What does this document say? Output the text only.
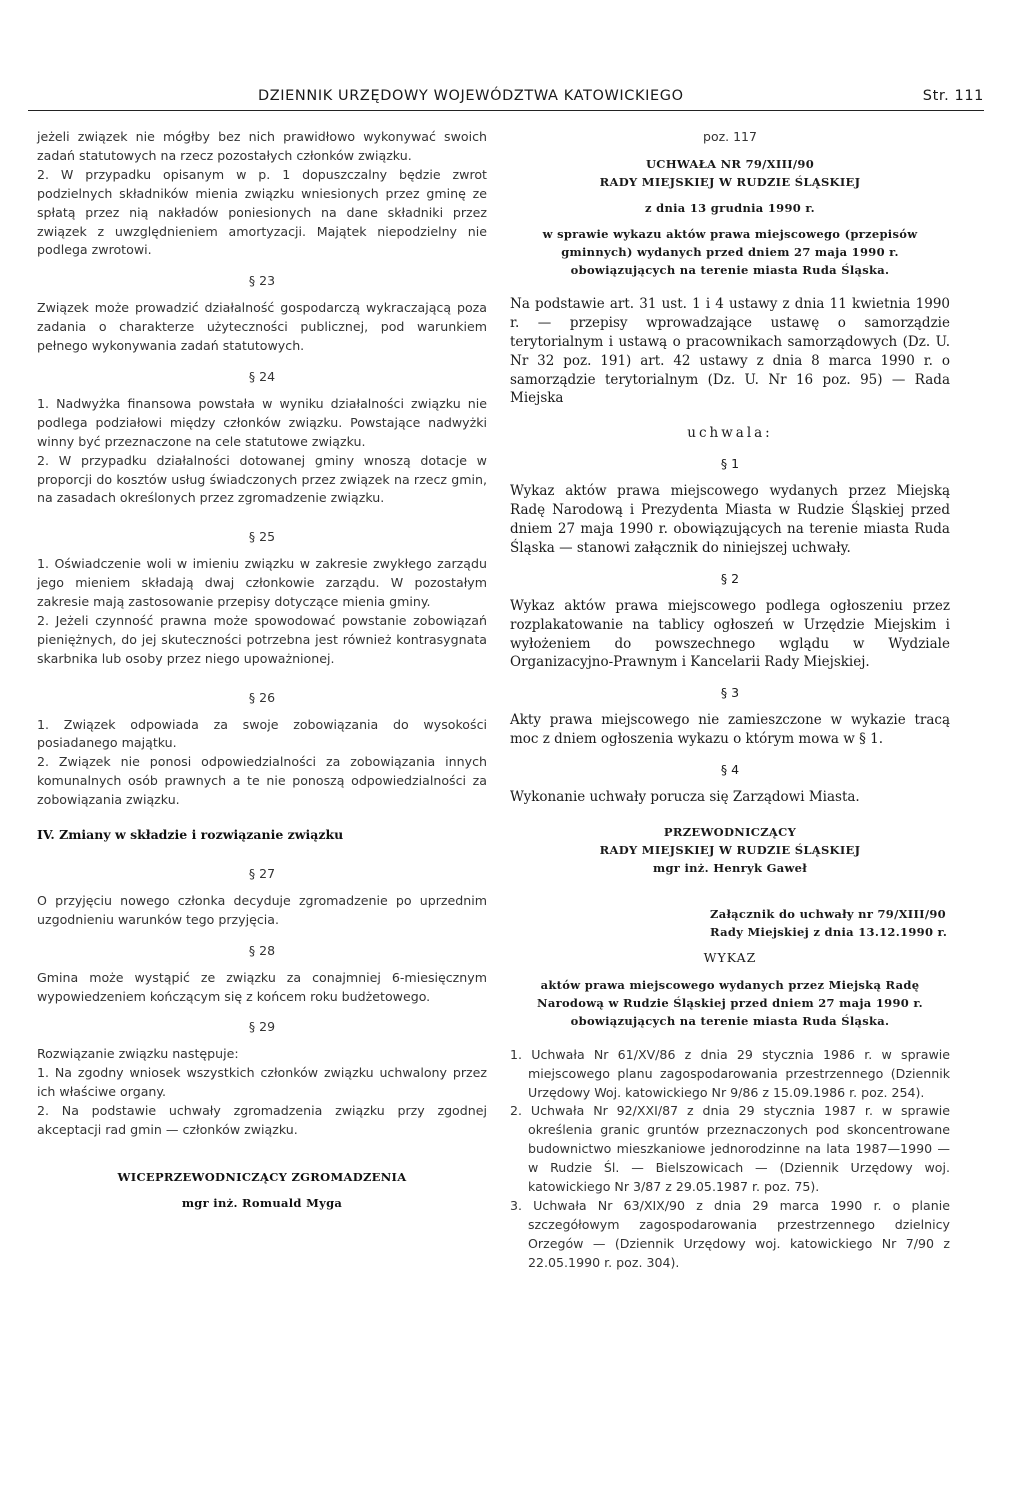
DZIENNIK URZĘDOWY WOJEWÓDZTWA KATOWICKIEGO	Str. 111

jeżeli związek nie mógłby bez nich prawidłowo wykonywać swoich zadań statutowych na rzecz pozostałych członków związku.

2. W przypadku opisanym w p. 1 dopuszczalny będzie zwrot podzielnych składników mienia związku wniesionych przez gminę ze spłatą przez nią nakładów poniesionych na dane składniki przez związek z uwzględnieniem amortyzacji. Majątek niepodzielny nie podlega zwrotowi.

§ 23

Związek może prowadzić działalność gospodarczą wykraczającą poza zadania o charakterze użyteczności publicznej, pod warunkiem pełnego wykonywania zadań statutowych.

§ 24

1. Nadwyżka finansowa powstała w wyniku działalności związku nie podlega podziałowi między członków związku. Powstające nadwyżki winny być przeznaczone na cele statutowe związku.

2. W przypadku działalności dotowanej gminy wnoszą dotacje w proporcji do kosztów usług świadczonych przez związek na rzecz gmin, na zasadach określonych przez zgromadzenie związku.

§ 25

1. Oświadczenie woli w imieniu związku w zakresie zwykłego zarządu jego mieniem składają dwaj członkowie zarządu. W pozostałym zakresie mają zastosowanie przepisy dotyczące mienia gminy.

2. Jeżeli czynność prawna może spowodować powstanie zobowiązań pieniężnych, do jej skuteczności potrzebna jest również kontrasygnata skarbnika lub osoby przez niego upoważnionej.

§ 26

1. Związek odpowiada za swoje zobowiązania do wysokości posiadanego majątku.

2. Związek nie ponosi odpowiedzialności za zobowiązania innych komunalnych osób prawnych a te nie ponoszą odpowiedzialności za zobowiązania związku.

IV. Zmiany w składzie i rozwiązanie związku

§ 27

O przyjęciu nowego członka decyduje zgromadzenie po uprzednim uzgodnieniu warunków tego przyjęcia.

§ 28

Gmina może wystąpić ze związku za conajmniej 6-miesięcznym wypowiedzeniem kończącym się z końcem roku budżetowego.

§ 29

Rozwiązanie związku następuje:

1. Na zgodny wniosek wszystkich członków związku uchwalony przez ich właściwe organy.

2. Na podstawie uchwały zgromadzenia związku przy zgodnej akceptacji rad gmin — członków związku.

WICEPRZEWODNICZĄCY ZGROMADZENIA

mgr inż. Romuald Myga

poz. 117

UCHWAŁA NR 79/XIII/90

RADY MIEJSKIEJ W RUDZIE ŚLĄSKIEJ

z dnia 13 grudnia 1990 r.

w sprawie wykazu aktów prawa miejscowego (przepisów gminnych) wydanych przed dniem 27 maja 1990 r. obowiązujących na terenie miasta Ruda Śląska.

Na podstawie art. 31 ust. 1 i 4 ustawy z dnia 11 kwietnia 1990 r. — przepisy wprowadzające ustawę o samorządzie terytorialnym i ustawą o pracownikach samorządowych (Dz. U. Nr 32 poz. 191) art. 42 ustawy z dnia 8 marca 1990 r. o samorządzie terytorialnym (Dz. U. Nr 16 poz. 95) — Rada Miejska

uchwala:

§ 1

Wykaz aktów prawa miejscowego wydanych przez Miejską Radę Narodową i Prezydenta Miasta w Rudzie Śląskiej przed dniem 27 maja 1990 r. obowiązujących na terenie miasta Ruda Śląska — stanowi załącznik do niniejszej uchwały.

§ 2

Wykaz aktów prawa miejscowego podlega ogłoszeniu przez rozplakatowanie na tablicy ogłoszeń w Urzędzie Miejskim i wyłożeniem do powszechnego wglądu w Wydziale Organizacyjno-Prawnym i Kancelarii Rady Miejskiej.

§ 3

Akty prawa miejscowego nie zamieszczone w wykazie tracą moc z dniem ogłoszenia wykazu o którym mowa w § 1.

§ 4

Wykonanie uchwały porucza się Zarządowi Miasta.

PRZEWODNICZĄCY

RADY MIEJSKIEJ W RUDZIE ŚLĄSKIEJ

mgr inż. Henryk Gaweł

Załącznik do uchwały nr 79/XIII/90

Rady Miejskiej z dnia 13.12.1990 r.

WYKAZ

aktów prawa miejscowego wydanych przez Miejską Radę Narodową w Rudzie Śląskiej przed dniem 27 maja 1990 r. obowiązujących na terenie miasta Ruda Śląska.

1. Uchwała Nr 61/XV/86 z dnia 29 stycznia 1986 r. w sprawie miejscowego planu zagospodarowania przestrzennego (Dziennik Urzędowy Woj. katowickiego Nr 9/86 z 15.09.1986 r. poz. 254).

2. Uchwała Nr 92/XXI/87 z dnia 29 stycznia 1987 r. w sprawie określenia granic gruntów przeznaczonych pod skoncentrowane budownictwo mieszkaniowe jednorodzinne na lata 1987—1990 — w Rudzie Śl. — Bielszowicach — (Dziennik Urzędowy woj. katowickiego Nr 3/87 z 29.05.1987 r. poz. 75).

3. Uchwała Nr 63/XIX/90 z dnia 29 marca 1990 r. o planie szczegółowym zagospodarowania przestrzennego dzielnicy Orzegów — (Dziennik Urzędowy woj. katowickiego Nr 7/90 z 22.05.1990 r. poz. 304).
